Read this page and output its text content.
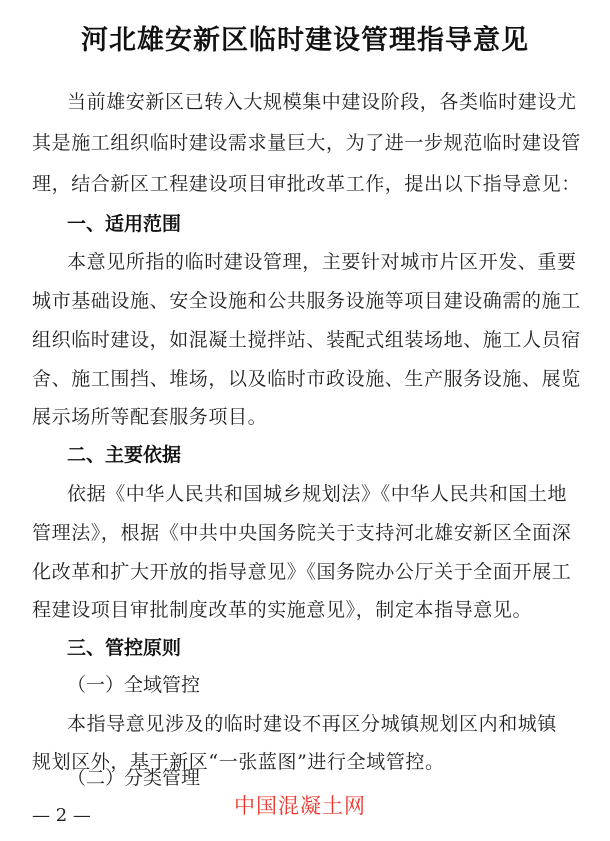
河北雄安新区临时建设管理指导意见
当前雄安新区已转入大规模集中建设阶段，各类临时建设尤
其是施工组织临时建设需求量巨大，为了进一步规范临时建设管
理，结合新区工程建设项目审批改革工作，提出以下指导意见：
一、适用范围
本意见所指的临时建设管理，主要针对城市片区开发、重要
城市基础设施、安全设施和公共服务设施等项目建设确需的施工
组织临时建设，如混凝土搅拌站、装配式组装场地、施工人员宿
舍、施工围挡、堆场，以及临时市政设施、生产服务设施、展览
展示场所等配套服务项目。
二、主要依据
依据《中华人民共和国城乡规划法》《中华人民共和国土地
管理法》，根据《中共中央国务院关于支持河北雄安新区全面深
化改革和扩大开放的指导意见》《国务院办公厅关于全面开展工
程建设项目审批制度改革的实施意见》，制定本指导意见。
三、管控原则
（一）全域管控
本指导意见涉及的临时建设不再区分城镇规划区内和城镇
规划区外，基于新区“一张蓝图”进行全域管控。
（二）分类管理
— 2 —	中国混凝土网
